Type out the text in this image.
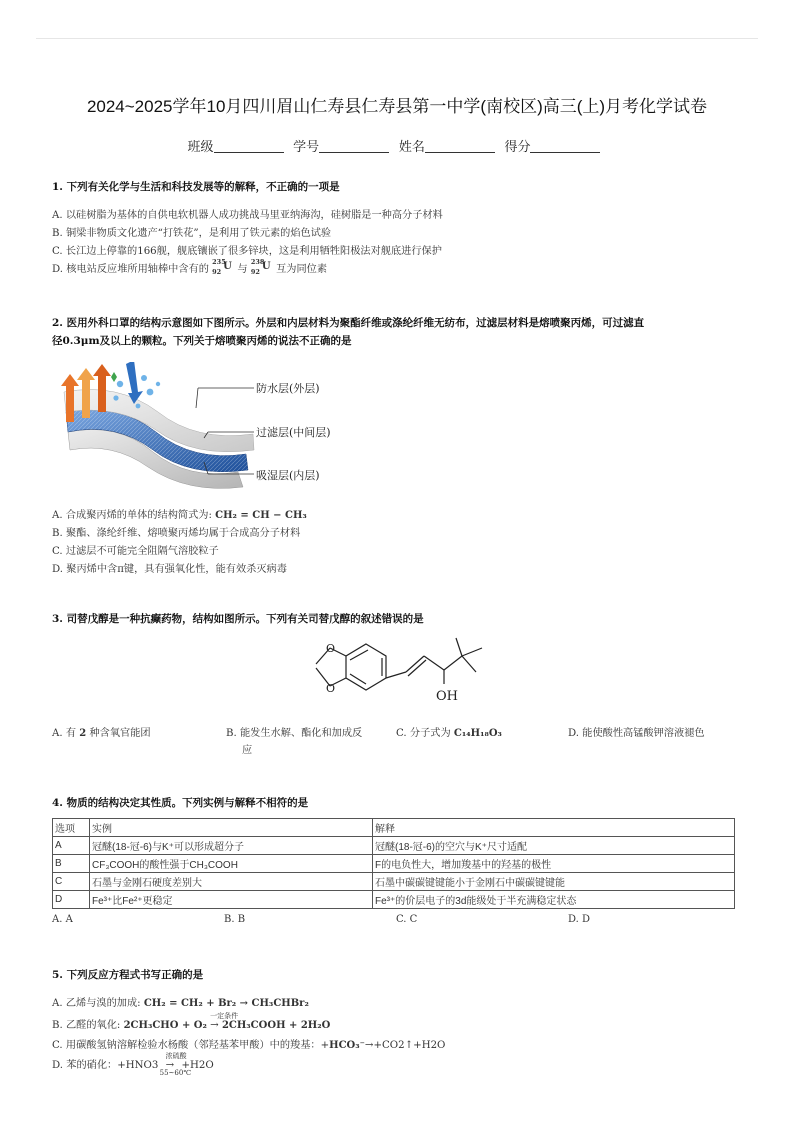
2024~2025学年10月四川眉山仁寿县仁寿县第一中学(南校区)高三(上)月考化学试卷
班级	学号	姓名	得分
1. 下列有关化学与生活和科技发展等的解释，不正确的一项是
A. 以硅树脂为基体的自供电软机器人成功挑战马里亚纳海沟，硅树脂是一种高分子材料
B. 铜梁非物质文化遗产“打铁花”，是利用了铁元素的焰色试验
C. 长江边上停靠的166舰，舰底镶嵌了很多锌块，这是利用牺牲阳极法对舰底进行保护
D. 核电站反应堆所用轴棒中含有的
235
92 U 与
238
92 U 互为同位素
2. 医用外科口罩的结构示意图如下图所示。外层和内层材料为聚酯纤维或涤纶纤维无纺布，过滤层材料是熔喷聚丙烯，可过滤直
径0.3μm及以上的颗粒。下列关于熔喷聚丙烯的说法不正确的是
防水层(外层)
过滤层(中间层)
吸湿层(内层)
A. 合成聚丙烯的单体的结构简式为: CH₂ = CH − CH₃
B. 聚酯、涤纶纤维、熔喷聚丙烯均属于合成高分子材料
C. 过滤层不可能完全阻隔气溶胶粒子
D. 聚丙烯中含π键，具有强氧化性，能有效杀灭病毒
3. 司替戊醇是一种抗癫药物，结构如图所示。下列有关司替戊醇的叙述错误的是
O
O
OH
A. 有 2 种含氧官能团	B. 能发生水解、酯化和加成反
应
C. 分子式为 C₁₄H₁₈O₃	D. 能使酸性高锰酸钾溶液褪色
4. 物质的结构决定其性质。下列实例与解释不相符的是
选项	实例	解释
A	冠醚(18-冠-6)与K⁺可以形成超分子	冠醚(18-冠-6)的空穴与K⁺尺寸适配
B	CF₃COOH的酸性强于CH₃COOH	F的电负性大，增加羧基中的羟基的极性
C	石墨与金刚石硬度差别大	石墨中碳碳键键能小于金刚石中碳碳键键能
D	Fe³⁺比Fe²⁺更稳定	Fe³⁺的价层电子的3d能级处于半充满稳定状态
A. A	B. B	C. C	D. D
5. 下列反应方程式书写正确的是
A. 乙烯与溴的加成: CH₂ = CH₂ + Br₂ → CH₃CHBr₂
B. 乙醛的氧化: 2CH₃CHO + O₂
一定条件
→ 2CH₃COOH + 2H₂O
C. 用碳酸氢钠溶解检验水杨酸（邻羟基苯甲酸）中的羧基：+HCO₃⁻→+CO2↑+H2O
D. 苯的硝化：+HNO3
浓硫酸
→
55~60℃
+H2O
